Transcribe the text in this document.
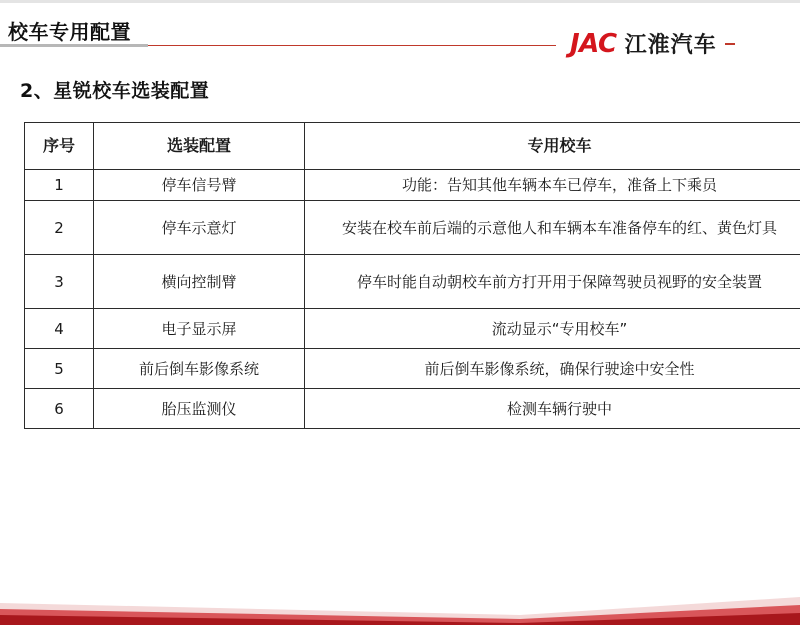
校车专用配置	JAC 江淮汽车
2、星锐校车选装配置
序号	选装配置	专用校车
1	停车信号臂	功能：告知其他车辆本车已停车，准备上下乘员
2	停车示意灯	安装在校车前后端的示意他人和车辆本车准备停车的红、黄色灯具
3	横向控制臂	停车时能自动朝校车前方打开用于保障驾驶员视野的安全装置
4	电子显示屏	流动显示“专用校车”
5	前后倒车影像系统	前后倒车影像系统，确保行驶途中安全性
6	胎压监测仪	检测车辆行驶中
